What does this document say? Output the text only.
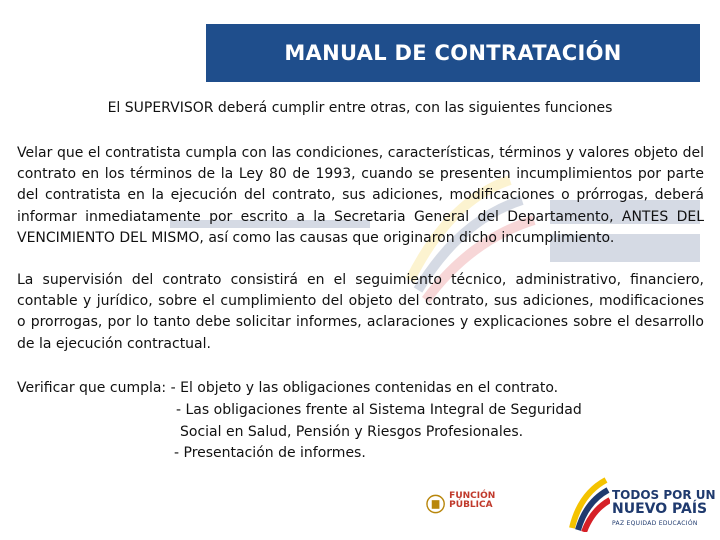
MANUAL DE CONTRATACIÓN
El SUPERVISOR deberá cumplir entre otras, con las siguientes funciones
Velar que el contratista cumpla con las condiciones, características, términos y valores objeto del contrato en los términos de la Ley 80 de 1993, cuando se presenten incumplimientos por parte del contratista en la ejecución del contrato, sus adiciones, modificaciones o prórrogas, deberá informar inmediatamente por escrito a la Secretaria General del Departamento, ANTES DEL VENCIMIENTO DEL MISMO, así como las causas que originaron dicho incumplimiento.
La supervisión del contrato consistirá en el seguimiento técnico, administrativo, financiero, contable y jurídico, sobre el cumplimiento del objeto del contrato, sus adiciones, modificaciones o prorrogas, por lo tanto debe solicitar informes, aclaraciones y explicaciones sobre el desarrollo de la ejecución contractual.
Verificar que cumpla: - El objeto y las obligaciones contenidas en el contrato.
- Las obligaciones frente al Sistema Integral de Seguridad
Social en Salud, Pensión y Riesgos Profesionales.
- Presentación de informes.
FUNCIÓN PÚBLICA

TODOS POR UN
NUEVO PAÍS
PAZ EQUIDAD EDUCACIÓN
